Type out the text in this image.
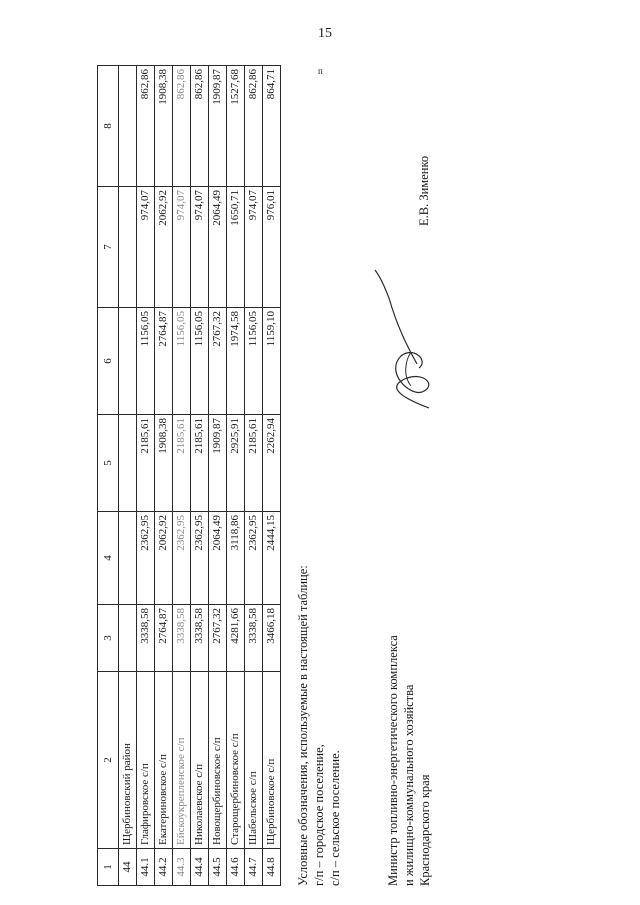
15
п
1	2	3	4	5	6	7	8
44	Щербиновский район						
44.1	Глафировское с/п	3338,58	2362,95	2185,61	1156,05	974,07	862,86
44.2	Екатериновское с/п	2764,87	2062,92	1908,38	2764,87	2062,92	1908,38
44.3	Ейскоукрепленское с/п	3338,58	2362,95	2185,61	1156,05	974,07	862,86
44.4	Николаевское с/п	3338,58	2362,95	2185,61	1156,05	974,07	862,86
44.5	Новощербиновское с/п	2767,32	2064,49	1909,87	2767,32	2064,49	1909,87
44.6	Старощербиновское с/п	4281,66	3118,86	2925,91	1974,58	1650,71	1527,68
44.7	Шабельское с/п	3338,58	2362,95	2185,61	1156,05	974,07	862,86
44.8	Щербиновское с/п	3466,18	2444,15	2262,94	1159,10	976,01	864,71
Условные обозначения, используемые в настоящей таблице: г/п – городское поселение, с/п – сельское поселение.	Министр топливно-энергетического комплекса и жилищно-коммунального хозяйства Краснодарского края
Е.В. Зименко
